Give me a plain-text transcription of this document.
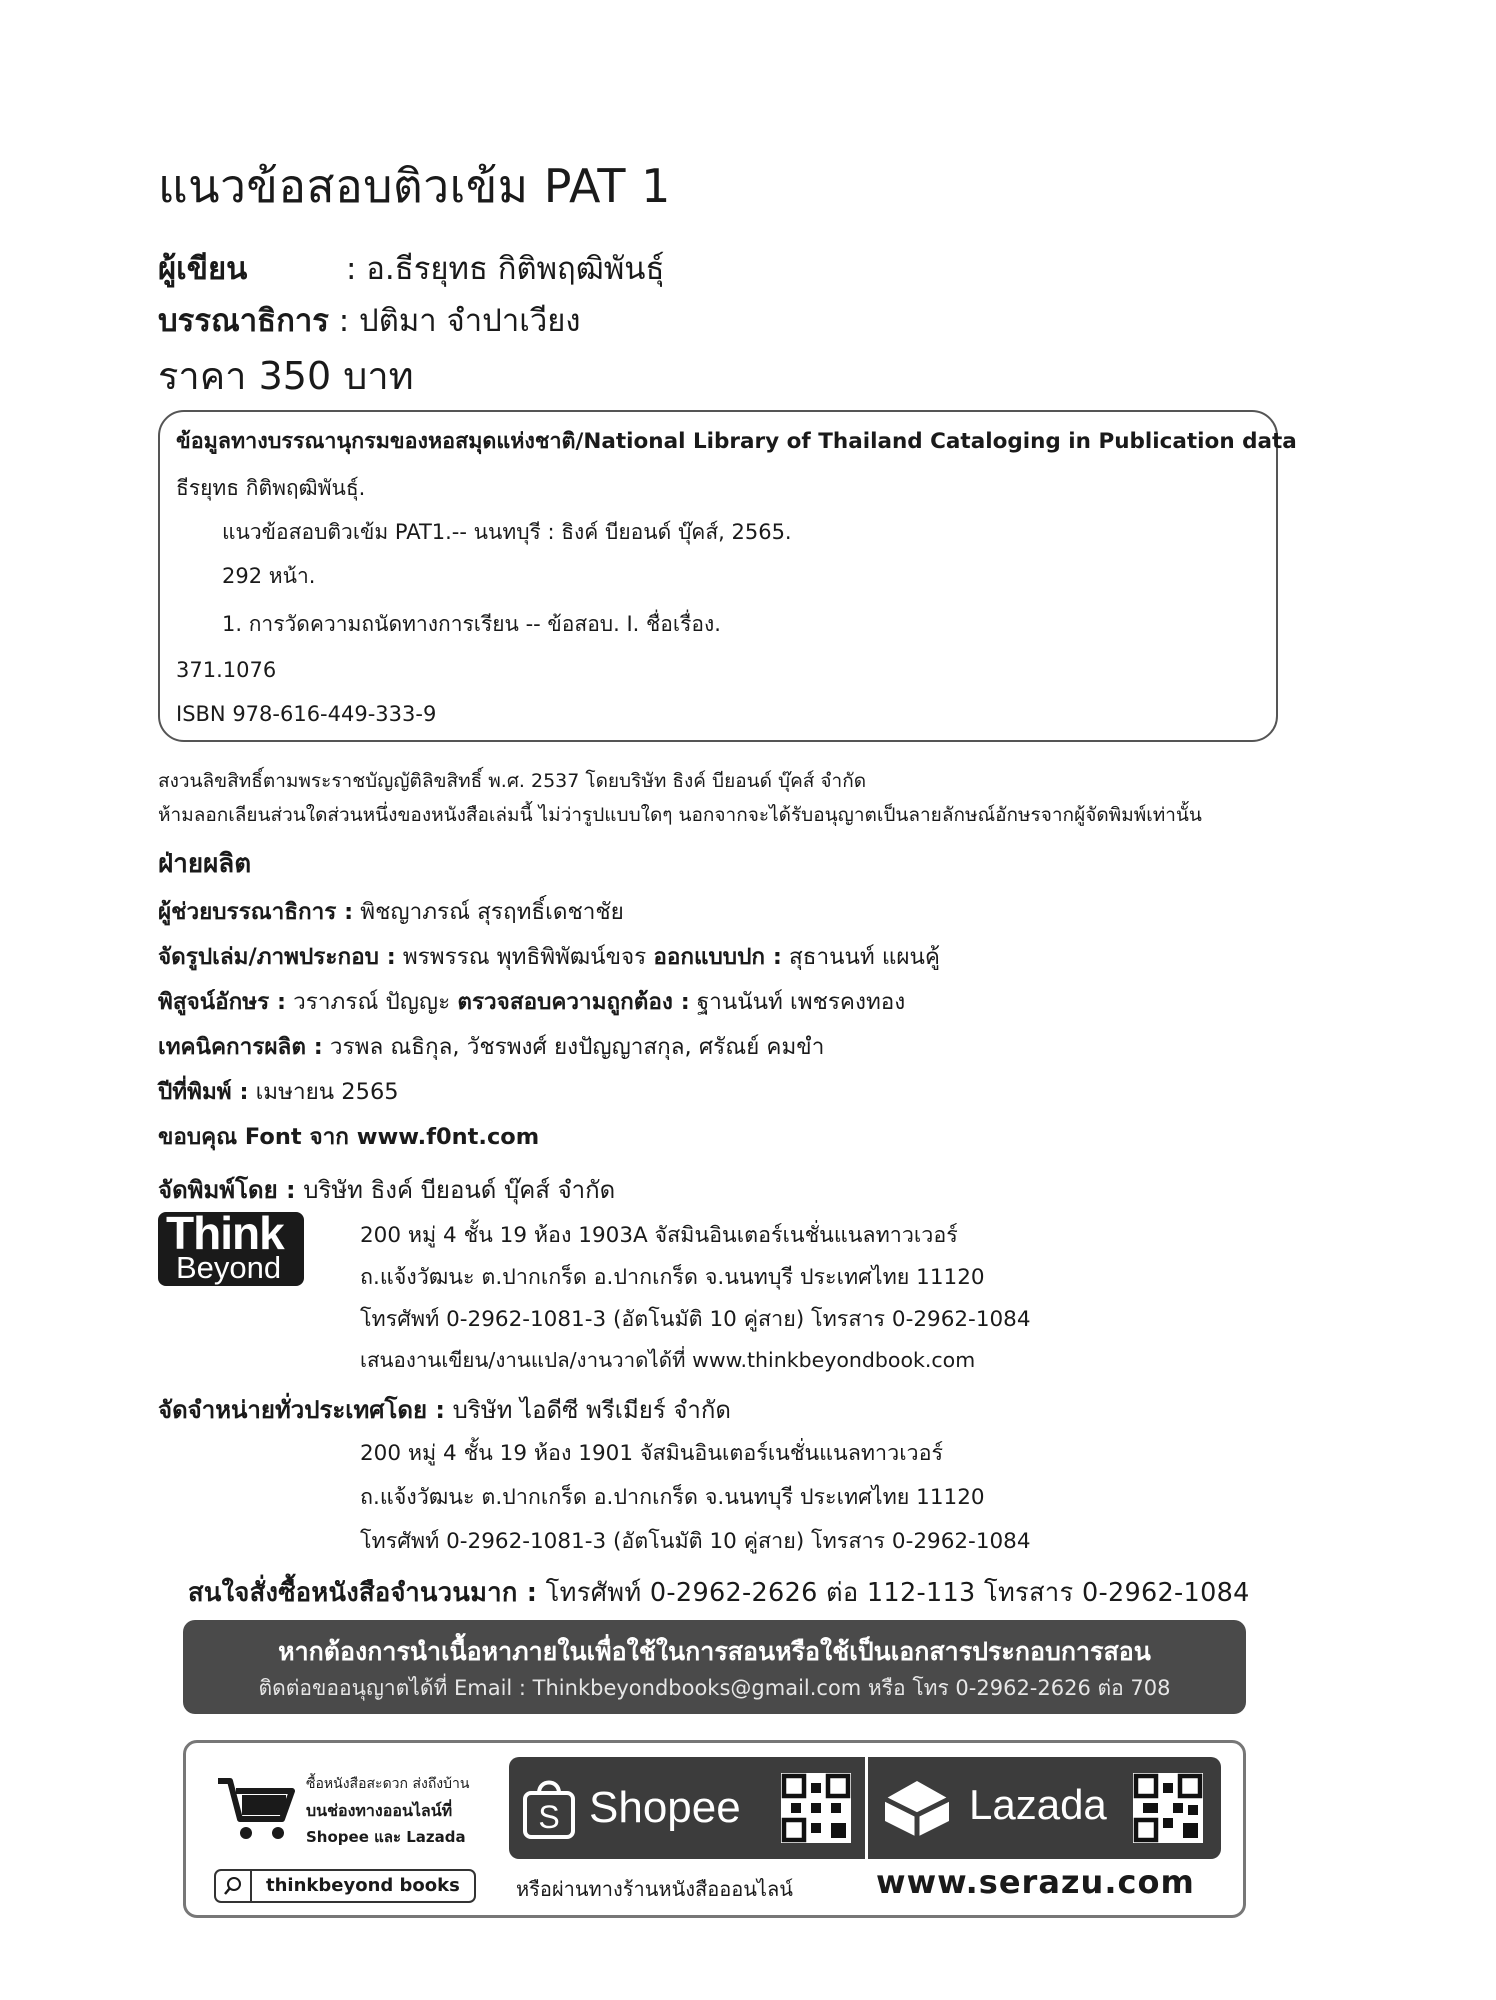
แนวข้อสอบติวเข้ม PAT 1
ผู้เขียน	: อ.ธีรยุทธ กิติพฤฒิพันธุ์
บรรณาธิการ : ปติมา จำปาเวียง
ราคา 350 บาท
ข้อมูลทางบรรณานุกรมของหอสมุดแห่งชาติ/National Library of Thailand Cataloging in Publication data
ธีรยุทธ กิติพฤฒิพันธุ์.
แนวข้อสอบติวเข้ม PAT1.-- นนทบุรี : ธิงค์ บียอนด์ บุ๊คส์, 2565.
292 หน้า.
1. การวัดความถนัดทางการเรียน -- ข้อสอบ. I. ชื่อเรื่อง.
371.1076
ISBN 978-616-449-333-9
สงวนลิขสิทธิ์ตามพระราชบัญญัติลิขสิทธิ์ พ.ศ. 2537 โดยบริษัท ธิงค์ บียอนด์ บุ๊คส์ จำกัด
ห้ามลอกเลียนส่วนใดส่วนหนึ่งของหนังสือเล่มนี้ ไม่ว่ารูปแบบใดๆ นอกจากจะได้รับอนุญาตเป็นลายลักษณ์อักษรจากผู้จัดพิมพ์เท่านั้น
ฝ่ายผลิต
ผู้ช่วยบรรณาธิการ : พิชญาภรณ์ สุรฤทธิ์เดชาชัย
จัดรูปเล่ม/ภาพประกอบ : พรพรรณ พุทธิพิพัฒน์ขจร ออกแบบปก : สุธานนท์ แผนคู้
พิสูจน์อักษร : วราภรณ์ ปัญญะ ตรวจสอบความถูกต้อง : ฐานนันท์ เพชรคงทอง
เทคนิคการผลิต : วรพล ณธิกุล, วัชรพงศ์ ยงปัญญาสกุล, ศรัณย์ คมขำ
ปีที่พิมพ์ : เมษายน 2565
ขอบคุณ Font จาก www.f0nt.com
จัดพิมพ์โดย : บริษัท ธิงค์ บียอนด์ บุ๊คส์ จำกัด
Think
Beyond
200 หมู่ 4 ชั้น 19 ห้อง 1903A จัสมินอินเตอร์เนชั่นแนลทาวเวอร์
ถ.แจ้งวัฒนะ ต.ปากเกร็ด อ.ปากเกร็ด จ.นนทบุรี ประเทศไทย 11120
โทรศัพท์ 0-2962-1081-3 (อัตโนมัติ 10 คู่สาย) โทรสาร 0-2962-1084
เสนองานเขียน/งานแปล/งานวาดได้ที่ www.thinkbeyondbook.com
จัดจำหน่ายทั่วประเทศโดย : บริษัท ไอดีซี พรีเมียร์ จำกัด
200 หมู่ 4 ชั้น 19 ห้อง 1901 จัสมินอินเตอร์เนชั่นแนลทาวเวอร์
ถ.แจ้งวัฒนะ ต.ปากเกร็ด อ.ปากเกร็ด จ.นนทบุรี ประเทศไทย 11120
โทรศัพท์ 0-2962-1081-3 (อัตโนมัติ 10 คู่สาย) โทรสาร 0-2962-1084
สนใจสั่งซื้อหนังสือจำนวนมาก : โทรศัพท์ 0-2962-2626 ต่อ 112-113 โทรสาร 0-2962-1084
หากต้องการนำเนื้อหาภายในเพื่อใช้ในการสอนหรือใช้เป็นเอกสารประกอบการสอน
ติดต่อขออนุญาตได้ที่ Email : Thinkbeyondbooks@gmail.com หรือ โทร 0-2962-2626 ต่อ 708
ซื้อหนังสือสะดวก ส่งถึงบ้าน
บนช่องทางออนไลน์ที่
Shopee และ Lazada
thinkbeyond books
S Shopee	Lazada
หรือผ่านทางร้านหนังสือออนไลน์	www.serazu.com
